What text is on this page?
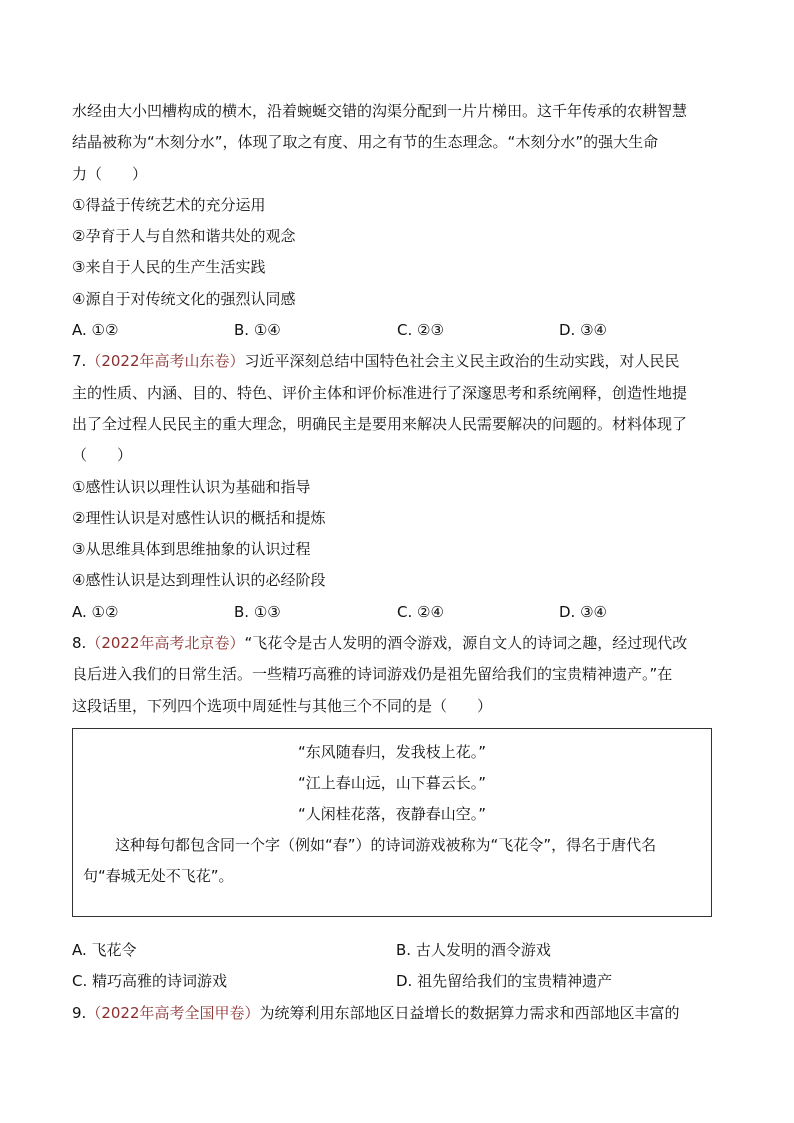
水经由大小凹槽构成的横木，沿着蜿蜒交错的沟渠分配到一片片梯田。这千年传承的农耕智慧
结晶被称为“木刻分水”，体现了取之有度、用之有节的生态理念。“木刻分水”的强大生命
力（　　）
①得益于传统艺术的充分运用
②孕育于人与自然和谐共处的观念
③来自于人民的生产生活实践
④源自于对传统文化的强烈认同感
A. ①②	B. ①④	C. ②③	D. ③④
7.（2022年高考山东卷）习近平深刻总结中国特色社会主义民主政治的生动实践，对人民民
主的性质、内涵、目的、特色、评价主体和评价标准进行了深邃思考和系统阐释，创造性地提
出了全过程人民民主的重大理念，明确民主是要用来解决人民需要解决的问题的。材料体现了
（　　）
①感性认识以理性认识为基础和指导
②理性认识是对感性认识的概括和提炼
③从思维具体到思维抽象的认识过程
④感性认识是达到理性认识的必经阶段
A. ①②	B. ①③	C. ②④	D. ③④
8.（2022年高考北京卷）“飞花令是古人发明的酒令游戏，源自文人的诗词之趣，经过现代改
良后进入我们的日常生活。一些精巧高雅的诗词游戏仍是祖先留给我们的宝贵精神遗产。”在
这段话里，下列四个选项中周延性与其他三个不同的是（　　）
“东风随春归，发我枝上花。”
“江上春山远，山下暮云长。”
“人闲桂花落，夜静春山空。”
这种每句都包含同一个字（例如“春”）的诗词游戏被称为“飞花令”，得名于唐代名
句“春城无处不飞花”。
A. 飞花令	B. 古人发明的酒令游戏
C. 精巧高雅的诗词游戏	D. 祖先留给我们的宝贵精神遗产
9.（2022年高考全国甲卷）为统筹利用东部地区日益增长的数据算力需求和西部地区丰富的
